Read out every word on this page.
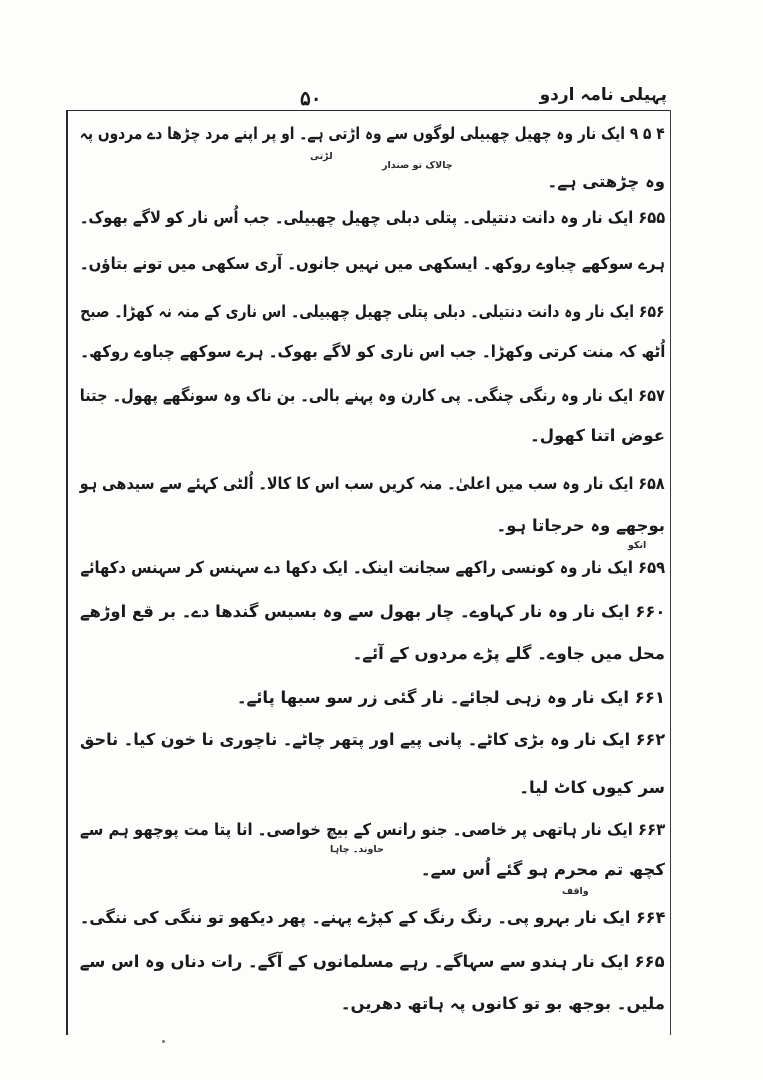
پہیلی نامہ اردو
۵۰
۴ ۵ ۹ ایک نار وہ چھیل چھبیلی لوگوں سے وہ اڑتی ہے۔ او پر اپنے مرد چڑھا دے مردوں پہ
لڑتی
چالاک تو صندار
وہ چڑھتی ہے۔
۶۵۵ ایک نار وہ دانت دنتیلی۔ پتلی دبلی چھیل چھبیلی۔ جب اُس نار کو لاگے بھوک۔
ہرے سوکھے چباوے روکھ۔ ایسکھی میں نہیں جانوں۔ آری سکھی میں تونے بتاؤں۔
۶۵۶ ایک نار وہ دانت دنتیلی۔ دبلی پتلی چھیل چھبیلی۔ اس ناری کے منہ نہ کھڑا۔ صبح
اُٹھ کہ منت کرتی وکھڑا۔ جب اس ناری کو لاگے بھوک۔ ہرے سوکھے چباوے روکھ۔
۶۵۷ ایک نار وہ رنگی چنگی۔ پی کارن وہ پہنے بالی۔ بن ناک وہ سونگھے پھول۔ جتنا
عوض اتنا کھول۔
۶۵۸ ایک نار وہ سب میں اعلیٰ۔ منہ کریں سب اس کا کالا۔ اُلٹی کہئے سے سیدھی ہو
بوجھے وہ حرجاتا ہو۔
انکو
۶۵۹ ایک نار وہ کونسی راکھے سجانت اینک۔ ایک دکھا دے سہنس کر سہنس دکھائے
۶۶۰ ایک نار وہ نار کہاوے۔ چار بھول سے وہ بسیس گندھا دے۔ بر قع اوڑھے
محل میں جاوے۔ گلے پڑے مردوں کے آئے۔
۶۶۱ ایک نار وہ زہی لجائے۔ نار گئی زر سو سبھا پائے۔
۶۶۲ ایک نار وہ بڑی کاٹے۔ پانی پیے اور پتھر چاٹے۔ ناچوری نا خون کیا۔ ناحق
سر کیوں کاٹ لیا۔
۶۶۳ ایک نار ہاتھی پر خاصی۔ جنو رانس کے بیچ خواصی۔ انا پتا مت پوچھو ہم سے
حاوند۔ چاہا
کچھ تم محرم ہو گئے اُس سے۔
واقف
۶۶۴ ایک نار بہرو پی۔ رنگ رنگ کے کپڑے پہنے۔ پھر دیکھو تو ننگی کی ننگی۔
۶۶۵ ایک نار ہندو سے سہاگے۔ رہے مسلمانوں کے آگے۔ رات دناں وہ اس سے
ملیں۔ بوجھ بو تو کانوں پہ ہاتھ دھریں۔
